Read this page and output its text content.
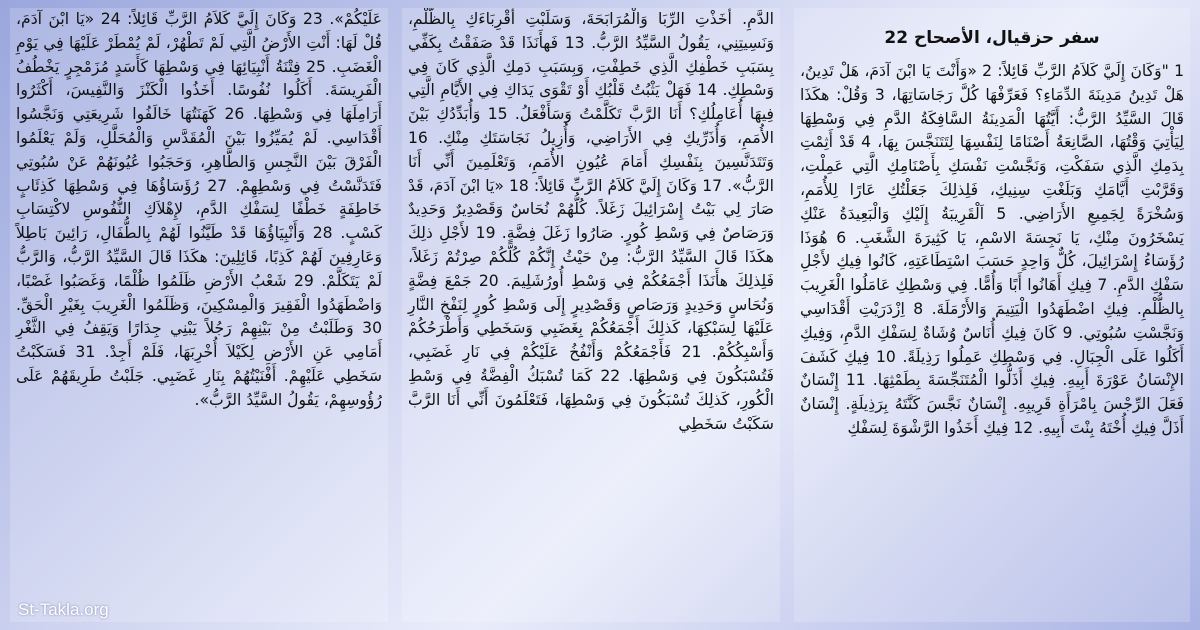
سفر حزقيال، الأصحاح 22
1 "وَكَانَ إِلَيَّ كَلاَمُ الرَّبِّ قَائِلاً: 2 «وَأَنْتَ يَا ابْنَ آدَمَ، هَلْ تَدِينُ، هَلْ تَدِينُ مَدِينَةَ الدِّمَاءِ؟ فَعَرِّفْهَا كُلَّ رَجَاسَاتِهَا، 3 وَقُلْ: هكَذَا قَالَ السَّيِّدُ الرَّبُّ: أَيَّتُهَا الْمَدِينَةُ السَّافِكَةُ الدَّمِ فِي وَسْطِهَا لِيَأْتِيَ وَقْتُهَا، الصَّانِعَةُ أَصْنَامًا لِنَفْسِهَا لِتَتَنَجَّسَ بِهَا، 4 قَدْ أَثِمْتِ بِدَمِكِ الَّذِي سَفَكْتِ، وَنَجَّسْتِ نَفْسَكِ بِأَصْنَامِكِ الَّتِي عَمِلْتِ، وَقَرَّبْتِ أَيَّامَكِ وَبَلَغْتِ سِنِيكِ، فَلِذلِكَ جَعَلْتُكِ عَارًا لِلأُمَمِ، وَسُخْرَةً لِجَمِيعِ الأَرَاضِي. 5 اَلْقَرِيبَةُ إِلَيْكِ وَالْبَعِيدَةُ عَنْكِ يَسْخَرُونَ مِنْكِ، يَا نَجِسَةَ الاسْمِ، يَا كَثِيرَةَ الشَّغَبِ. 6 هُوَذَا رُؤَسَاءُ إِسْرَائِيلَ، كُلٌّ وَاحِدٍ حَسَبَ اسْتِطَاعَتِهِ، كَانُوا فِيكِ لأَجْلِ سَفْكِ الدَّمِ. 7 فِيكِ أَهَانُوا أَبًا وَأُمًّا. فِي وَسْطِكِ عَامَلُوا الْغَرِيبَ بِالظُّلْمِ. فِيكِ اضْطَهَدُوا الْيَتِيمَ وَالأَرْمَلَةَ. 8 اِزْدَرَيْتِ أَقْدَاسِي وَنَجَّسْتِ سُبُوتِي. 9 كَانَ فِيكِ أُنَاسٌ وُشَاةٌ لِسَفْكِ الدَّمِ، وَفِيكِ أَكَلُوا عَلَى الْجِبَالِ. فِي وَسْطِكِ عَمِلُوا رَذِيلَةً. 10 فِيكِ كَشَفَ الإِنْسَانُ عَوْرَةَ أَبِيهِ. فِيكِ أَذَلُّوا الْمُتَنَجِّسَةَ بِطَمْثِهَا. 11 إِنْسَانٌ فَعَلَ الرِّجْسَ بِامْرَأَةِ قَرِيبِهِ. إِنْسَانٌ نَجَّسَ كَنَّتَهُ بِرَذِيلَةٍ. إِنْسَانٌ أَذَلَّ فِيكِ أُخْتَهُ بِنْتَ أَبِيهِ. 12 فِيكِ أَخَذُوا الرَّشْوَةَ لِسَفْكِ
الدَّمِ. أَخَذْتِ الرِّبَا وَالْمُرَابَحَةَ، وَسَلَبْتِ أَقْرِبَاءَكِ بِالظُّلْمِ، وَنَسِيتِنِي، يَقُولُ السَّيِّدُ الرَّبُّ. 13 فَهأَنَذَا قَدْ صَفَقْتُ بِكَفِّي بِسَبَبِ خَطْفِكِ الَّذِي خَطِفْتِ، وَبِسَبَبِ دَمِكِ الَّذِي كَانَ فِي وَسْطِكِ. 14 فَهَلْ يَثْبُتُ قَلْبُكِ أَوْ تَقْوَى يَدَاكِ فِي الأَيَّامِ الَّتِي فِيهَا أُعَامِلُكِ؟ أَنَا الرَّبَّ تَكَلَّمْتُ وَسَأَفْعَلُ. 15 وَأُبَدِّدُكِ بَيْنَ الأُمَمِ، وَأُذَرِّيكِ فِي الأَرَاضِي، وَأُزِيلُ نَجَاسَتَكِ مِنْكِ. 16 وَتَتَدَنَّسِينَ بِنَفْسِكِ أَمَامَ عُيُونِ الأُمَمِ، وَتَعْلَمِينَ أَنِّي أَنَا الرَّبُّ». 17 وَكَانَ إِلَيَّ كَلاَمُ الرَّبِّ قَائِلاً: 18 «يَا ابْنَ آدَمَ، قَدْ صَارَ لِي بَيْتُ إِسْرَائِيلَ زَغَلاً. كُلُّهُمْ نُحَاسٌ وَقَصْدِيرٌ وَحَدِيدٌ وَرَصَاصٌ فِي وَسْطِ كُورٍ. صَارُوا زَغَلَ فِضَّةٍ. 19 لأَجْلِ ذلِكَ هكَذَا قَالَ السَّيِّدُ الرَّبُّ: مِنْ حَيْثُ إِنَّكُمْ كُلَّكُمْ صِرْتُمْ زَغَلاً، فَلِذلِكَ هأَنَذَا أَجْمَعُكُمْ فِي وَسْطِ أُورُشَلِيمَ. 20 جَمْعَ فِضَّةٍ وَنُحَاسٍ وَحَدِيدٍ وَرَصَاصٍ وَقَصْدِيرٍ إِلَى وَسْطِ كُورٍ لِنَفْخِ النَّارِ عَلَيْهَا لِسَبْكِهَا، كَذلِكَ أَجْمَعُكُمْ بِغَضَبِي وَسَخَطِي وَأَطْرَحُكُمْ وَأَسْبِكُكُمْ. 21 فَأَجْمَعُكُمْ وَأَنْفُخُ عَلَيْكُمْ فِي نَارِ غَضَبِي، فَتُسْبَكُونَ فِي وَسْطِهَا. 22 كَمَا تُسْبَكُ الْفِضَّةُ فِي وَسْطِ الْكُورِ، كَذلِكَ تُسْبَكُونَ فِي وَسْطِهَا، فَتَعْلَمُونَ أَنِّي أَنَا الرَّبَّ سَكَبْتُ سَخَطِي
عَلَيْكُمْ». 23 وَكَانَ إِلَيَّ كَلاَمُ الرَّبِّ قَائِلاً: 24 «يَا ابْنَ آدَمَ، قُلْ لَهَا: أَنْتِ الأَرْضُ الَّتِي لَمْ تَطْهُرْ، لَمْ يُمْطَرْ عَلَيْهَا فِي يَوْمِ الْغَضَبِ. 25 فِتْنَةُ أَنْبِيَائِهَا فِي وَسْطِهَا كَأَسَدٍ مُزَمْجِرٍ يَخْطُفُ الْفَرِيسَةَ. أَكَلُوا نُفُوسًا. أَخَذُوا الْكَنْزَ وَالنَّفِيسَ، أَكْثَرُوا أَرَامِلَهَا فِي وَسْطِهَا. 26 كَهَنَتُهَا خَالَفُوا شَرِيعَتِي وَنَجَّسُوا أَقْدَاسِي. لَمْ يُمَيِّزُوا بَيْنَ الْمُقَدَّسِ وَالْمُحَلَّلِ، وَلَمْ يَعْلَمُوا الْفَرْقَ بَيْنَ النَّجِسِ وَالطَّاهِرِ، وَحَجَبُوا عُيُونَهُمْ عَنْ سُبُوتِي فَتَدَنَّسْتُ فِي وَسْطِهِمْ. 27 رُؤَسَاؤُهَا فِي وَسْطِهَا كَذِئَابٍ خَاطِفَةٍ خَطْفًا لِسَفْكِ الدَّمِ، لإِهْلاَكِ النُّفُوسِ لاكْتِسَابِ كَسْبٍ. 28 وَأَنْبِيَاؤُهَا قَدْ طَيَّنُوا لَهُمْ بِالطُّفَالِ، رَائِينَ بَاطِلاً وَعَارِفِينَ لَهُمْ كَذِبًا، قَائِلِينَ: هكَذَا قَالَ السَّيِّدُ الرَّبُّ، وَالرَّبُّ لَمْ يَتَكَلَّمْ. 29 شَعْبُ الأَرْضِ ظَلَمُوا ظُلْمًا، وَغَصَبُوا غَصْبًا، وَاضْطَهَدُوا الْفَقِيرَ وَالْمِسْكِينَ، وَظَلَمُوا الْغَرِيبَ بِغَيْرِ الْحَقِّ. 30 وَطَلَبْتُ مِنْ بَيْنِهِمْ رَجُلاً يَبْنِي جِدَارًا وَيَقِفُ فِي الثَّغْرِ أَمَامِي عَنِ الأَرْضِ لِكَيْلاَ أُخْرِبَهَا، فَلَمْ أَجِدْ. 31 فَسَكَبْتُ سَخَطِي عَلَيْهِمْ. أَفْنَيْتُهُمْ بِنَارِ غَضَبِي. جَلَبْتُ طَرِيقَهُمْ عَلَى رُؤُوسِهِمْ، يَقُولُ السَّيِّدُ الرَّبُّ».
St-Takla.org
